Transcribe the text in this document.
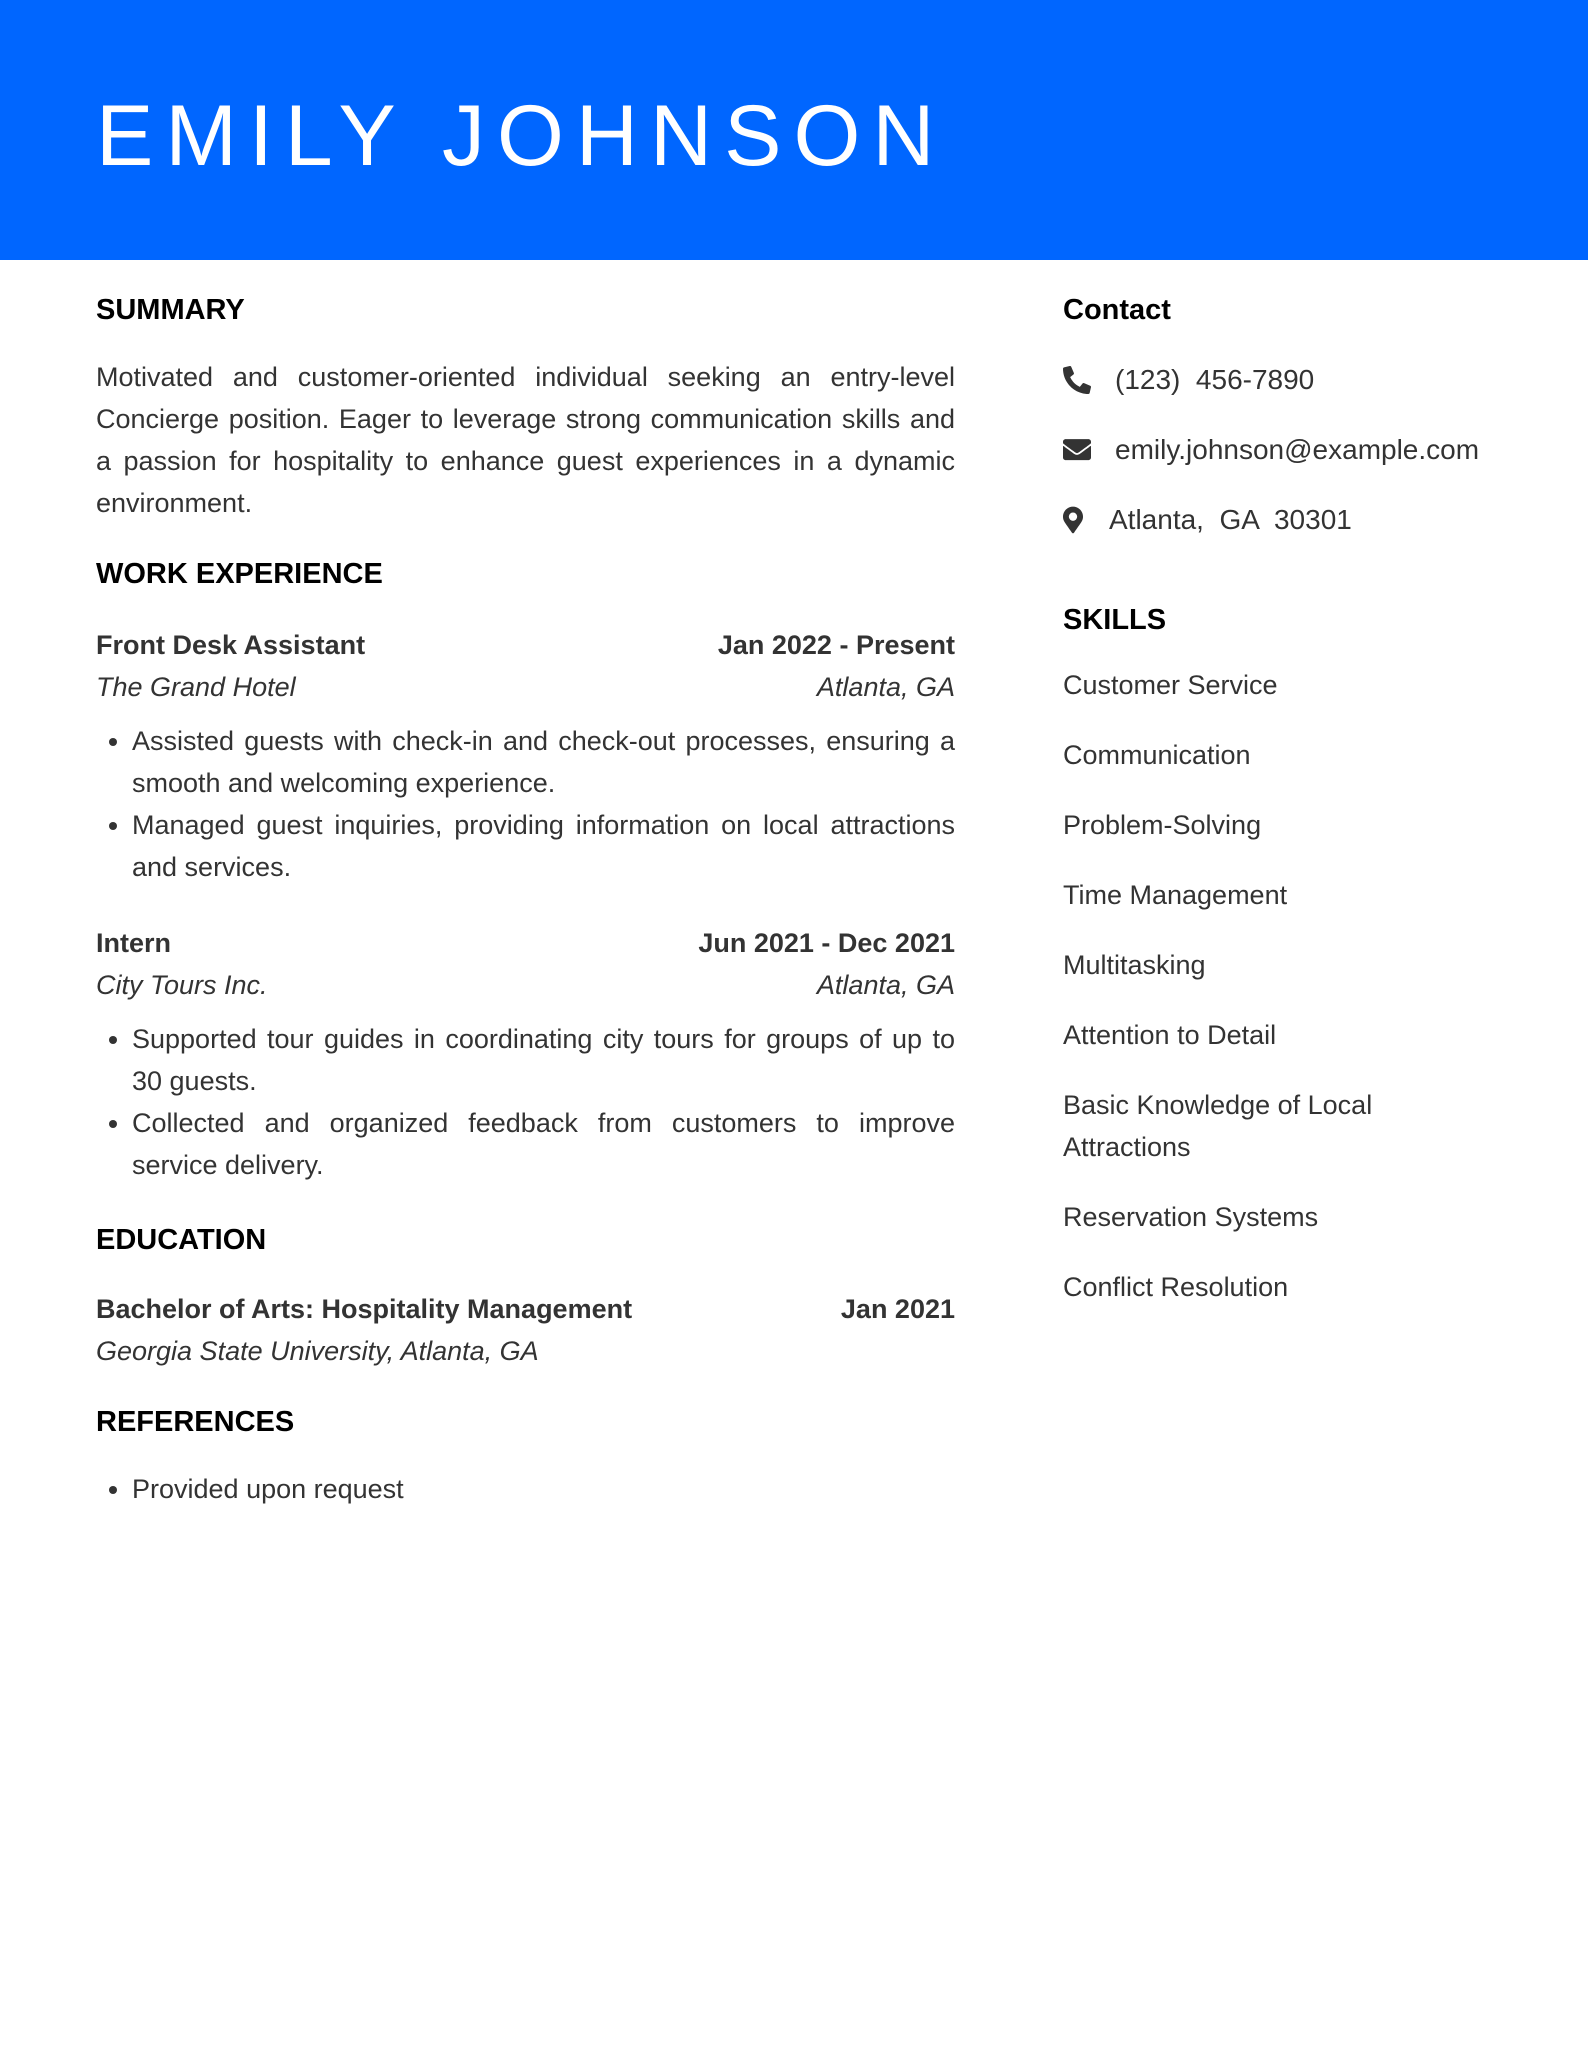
EMILY JOHNSON
SUMMARY

Motivated and customer-oriented individual seeking an entry-level Concierge position. Eager to leverage strong communication skills and a passion for hospitality to enhance guest experiences in a dynamic environment.

WORK EXPERIENCE
Front Desk Assistant	Jan 2022 - Present
The Grand Hotel	Atlanta, GA
• Assisted guests with check-in and check-out processes, ensuring a smooth and welcoming experience.
• Managed guest inquiries, providing information on local attractions and services.
Intern	Jun 2021 - Dec 2021
City Tours Inc.	Atlanta, GA
• Supported tour guides in coordinating city tours for groups of up to 30 guests.
• Collected and organized feedback from customers to improve service delivery.
EDUCATION
Bachelor of Arts: Hospitality Management	Jan 2021
Georgia State University, Atlanta, GA
REFERENCES
• Provided upon request
Contact
(123)  456-7890
emily.johnson@example.com
Atlanta,  GA  30301
SKILLS
Customer Service
Communication
Problem-Solving
Time Management
Multitasking
Attention to Detail
Basic Knowledge of Local Attractions
Reservation Systems
Conflict Resolution
